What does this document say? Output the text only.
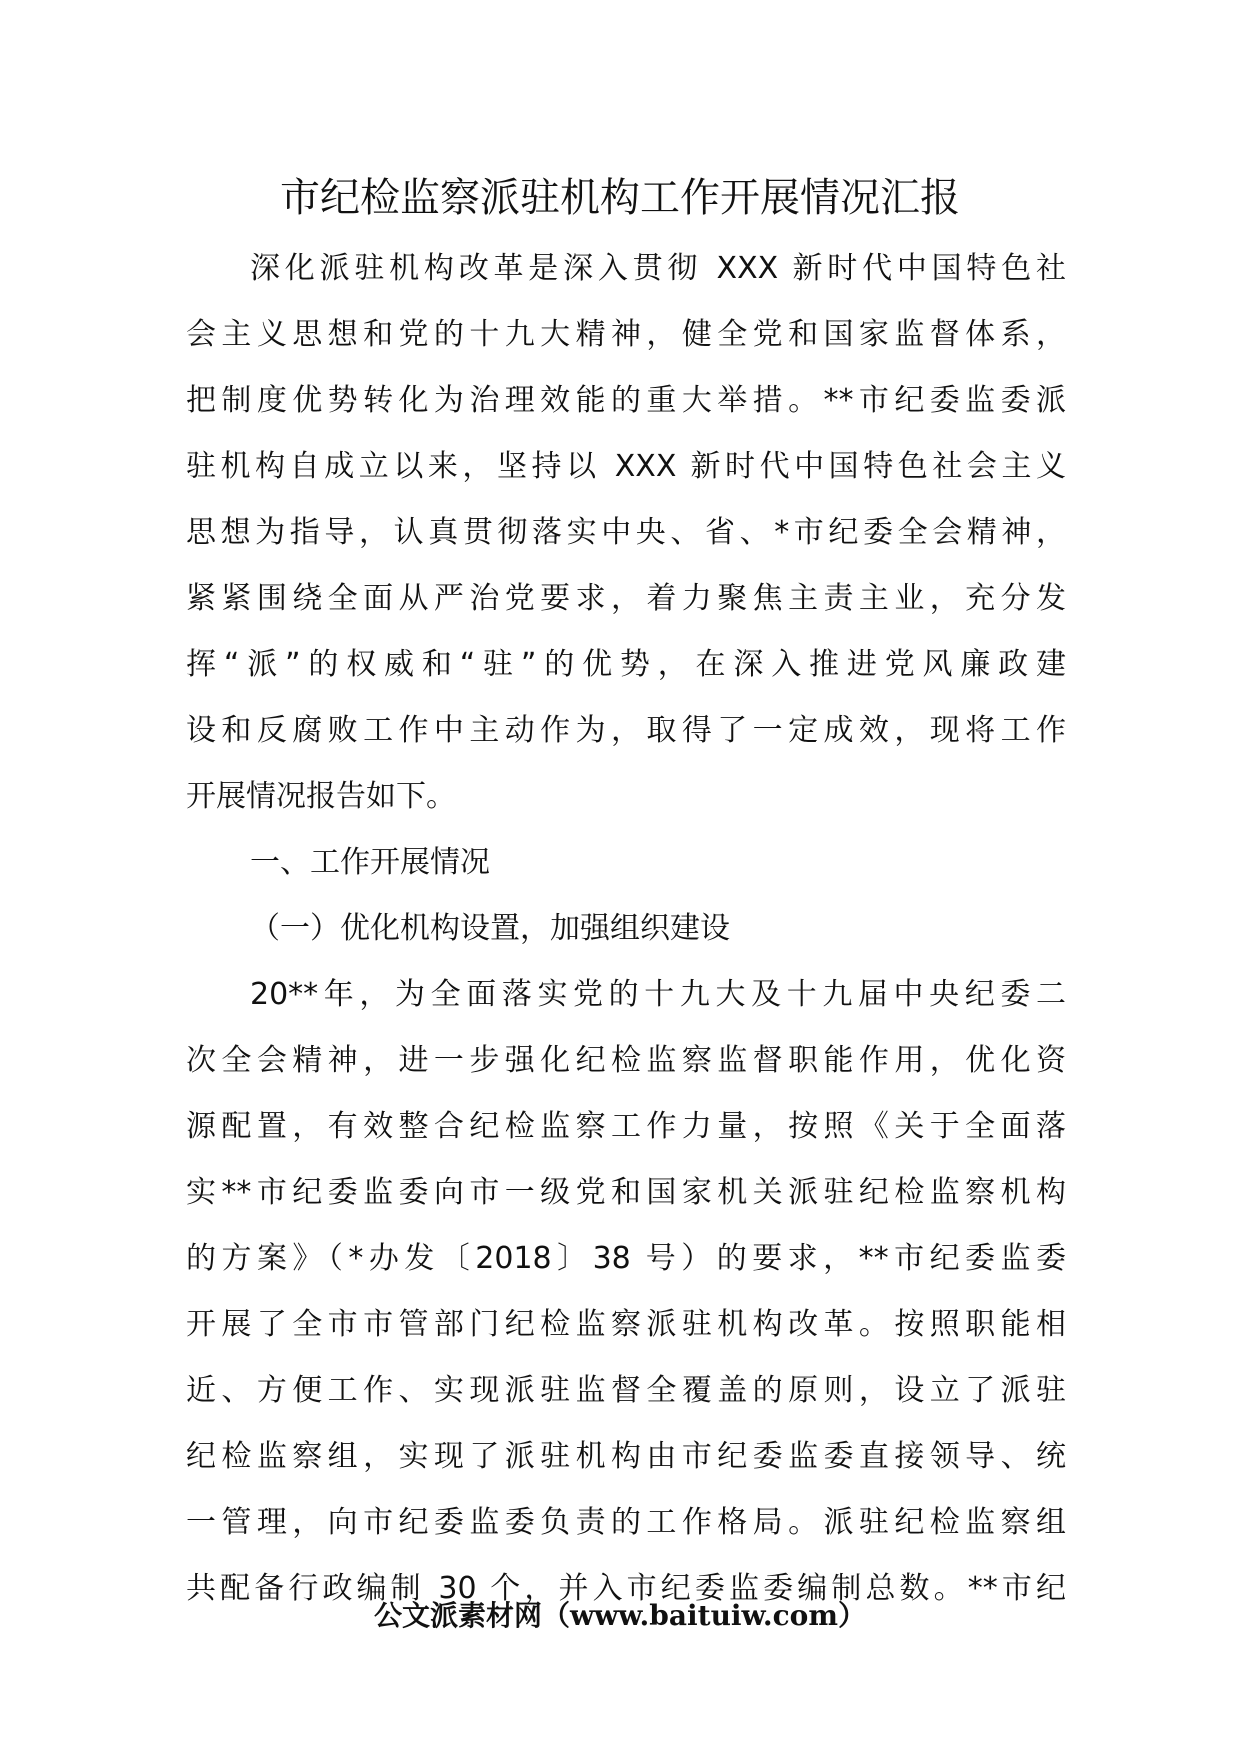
市纪检监察派驻机构工作开展情况汇报
深化派驻机构改革是深入贯彻 XXX 新时代中国特色社
会主义思想和党的十九大精神，健全党和国家监督体系，
把制度优势转化为治理效能的重大举措。**市纪委监委派
驻机构自成立以来，坚持以 XXX 新时代中国特色社会主义
思想为指导，认真贯彻落实中央、省、*市纪委全会精神，
紧紧围绕全面从严治党要求，着力聚焦主责主业，充分发
挥“派”的权威和“驻”的优势，在深入推进党风廉政建
设和反腐败工作中主动作为，取得了一定成效，现将工作
开展情况报告如下。
一、工作开展情况
（一）优化机构设置，加强组织建设
20**年，为全面落实党的十九大及十九届中央纪委二
次全会精神，进一步强化纪检监察监督职能作用，优化资
源配置，有效整合纪检监察工作力量，按照《关于全面落
实**市纪委监委向市一级党和国家机关派驻纪检监察机构
的方案》（*办发〔2018〕38 号）的要求，**市纪委监委
开展了全市市管部门纪检监察派驻机构改革。按照职能相
近、方便工作、实现派驻监督全覆盖的原则，设立了派驻
纪检监察组，实现了派驻机构由市纪委监委直接领导、统
一管理，向市纪委监委负责的工作格局。派驻纪检监察组
共配备行政编制 30 个，并入市纪委监委编制总数。**市纪
公文派素材网（www.baituiw.com）
